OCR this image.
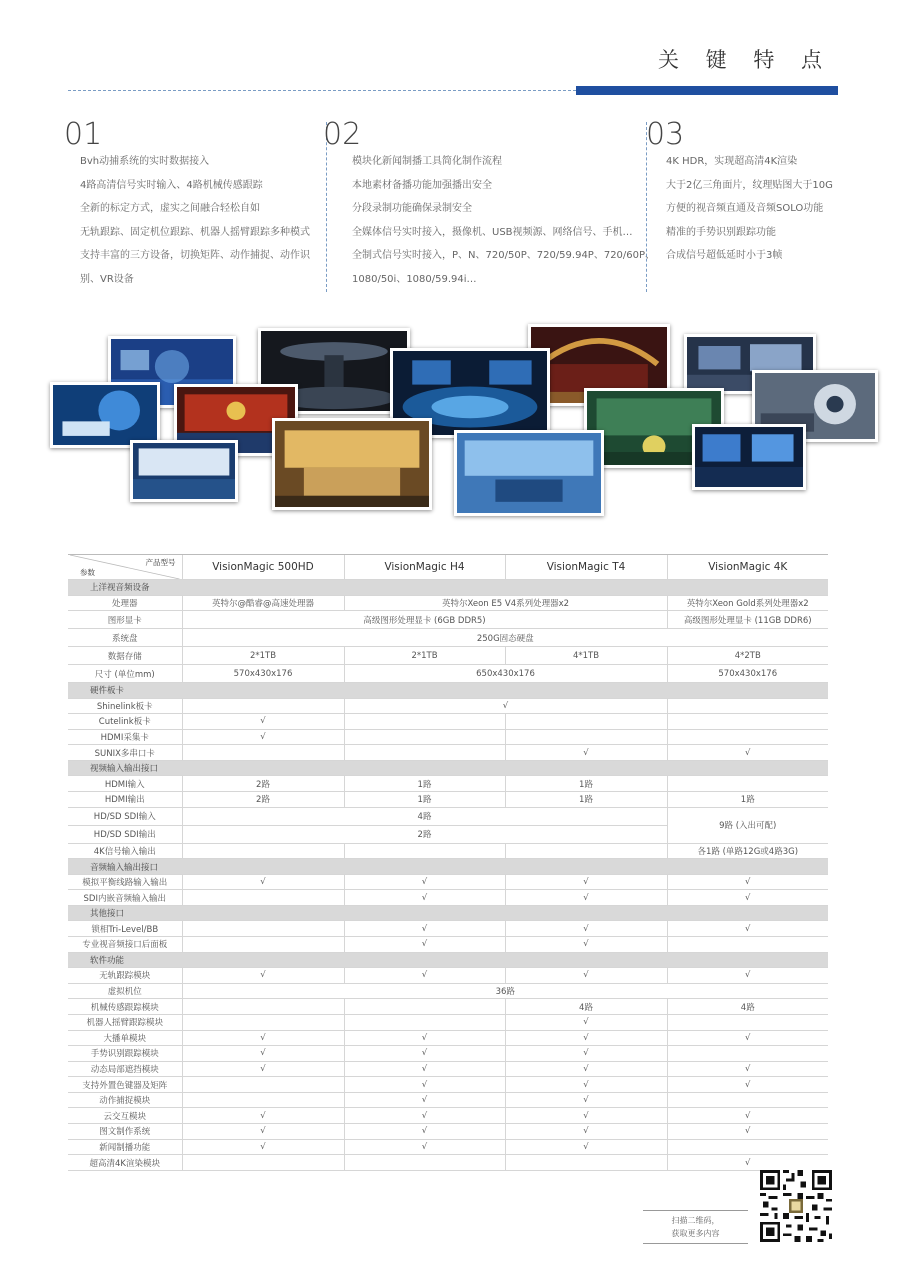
关 键 特 点
01
Bvh动捕系统的实时数据接入
4路高清信号实时输入、4路机械传感跟踪
全新的标定方式，虚实之间融合轻松自如
无轨跟踪、固定机位跟踪、机器人摇臂跟踪多种模式
支持丰富的三方设备，切换矩阵、动作捕捉、动作识
别、VR设备
02
模块化新闻制播工具简化制作流程
本地素材备播功能加强播出安全
分段录制功能确保录制安全
全媒体信号实时接入，摄像机、USB视频源、网络信号、手机…
全制式信号实时接入，P、N、720/50P、720/59.94P、720/60P、
1080/50i、1080/59.94i…
03
4K HDR，实现超高清4K渲染
大于2亿三角面片，纹理贴图大于10G
方便的视音频直通及音频SOLO功能
精准的手势识别跟踪功能
合成信号超低延时小于3帧
产品型号
参数	VisionMagic 500HD	VisionMagic H4	VisionMagic T4	VisionMagic 4K
上洋视音频设备				
处理器	英特尔@酷睿@高速处理器	英特尔Xeon E5 V4系列处理器x2		英特尔Xeon Gold系列处理器x2
图形显卡	高级图形处理显卡 (6GB DDR5)			高级图形处理显卡 (11GB DDR6)
系统盘	250G固态硬盘			
数据存储	2*1TB	2*1TB	4*1TB	4*2TB
尺寸 (单位mm)	570x430x176	650x430x176		570x430x176
硬件板卡				
Shinelink板卡		√		
Cutelink板卡	√			
HDMI采集卡	√			
SUNIX多串口卡			√	√
视频输入输出接口				
HDMI输入	2路	1路	1路	
HDMI输出	2路	1路	1路	1路
HD/SD SDI输入	4路			9路 (入出可配)
HD/SD SDI输出	2路			
4K信号输入输出				各1路 (单路12G或4路3G)
音频输入输出接口				
模拟平衡线路输入输出	√	√	√	√
SDI内嵌音频输入输出		√	√	√
其他接口				
锁相Tri-Level/BB		√	√	√
专业视音频接口后面板		√	√	
软件功能				
无轨跟踪模块	√	√	√	√
虚拟机位	36路			
机械传感跟踪模块			4路	4路
机器人摇臂跟踪模块			√	
大播单模块	√	√	√	√
手势识别跟踪模块	√	√	√	
动态局部遮挡模块	√	√	√	√
支持外置色键器及矩阵		√	√	√
动作捕捉模块		√	√	
云交互模块	√	√	√	√
图文制作系统	√	√	√	√
新闻制播功能	√	√	√	
超高清4K渲染模块				√
扫描二维码，
获取更多内容
